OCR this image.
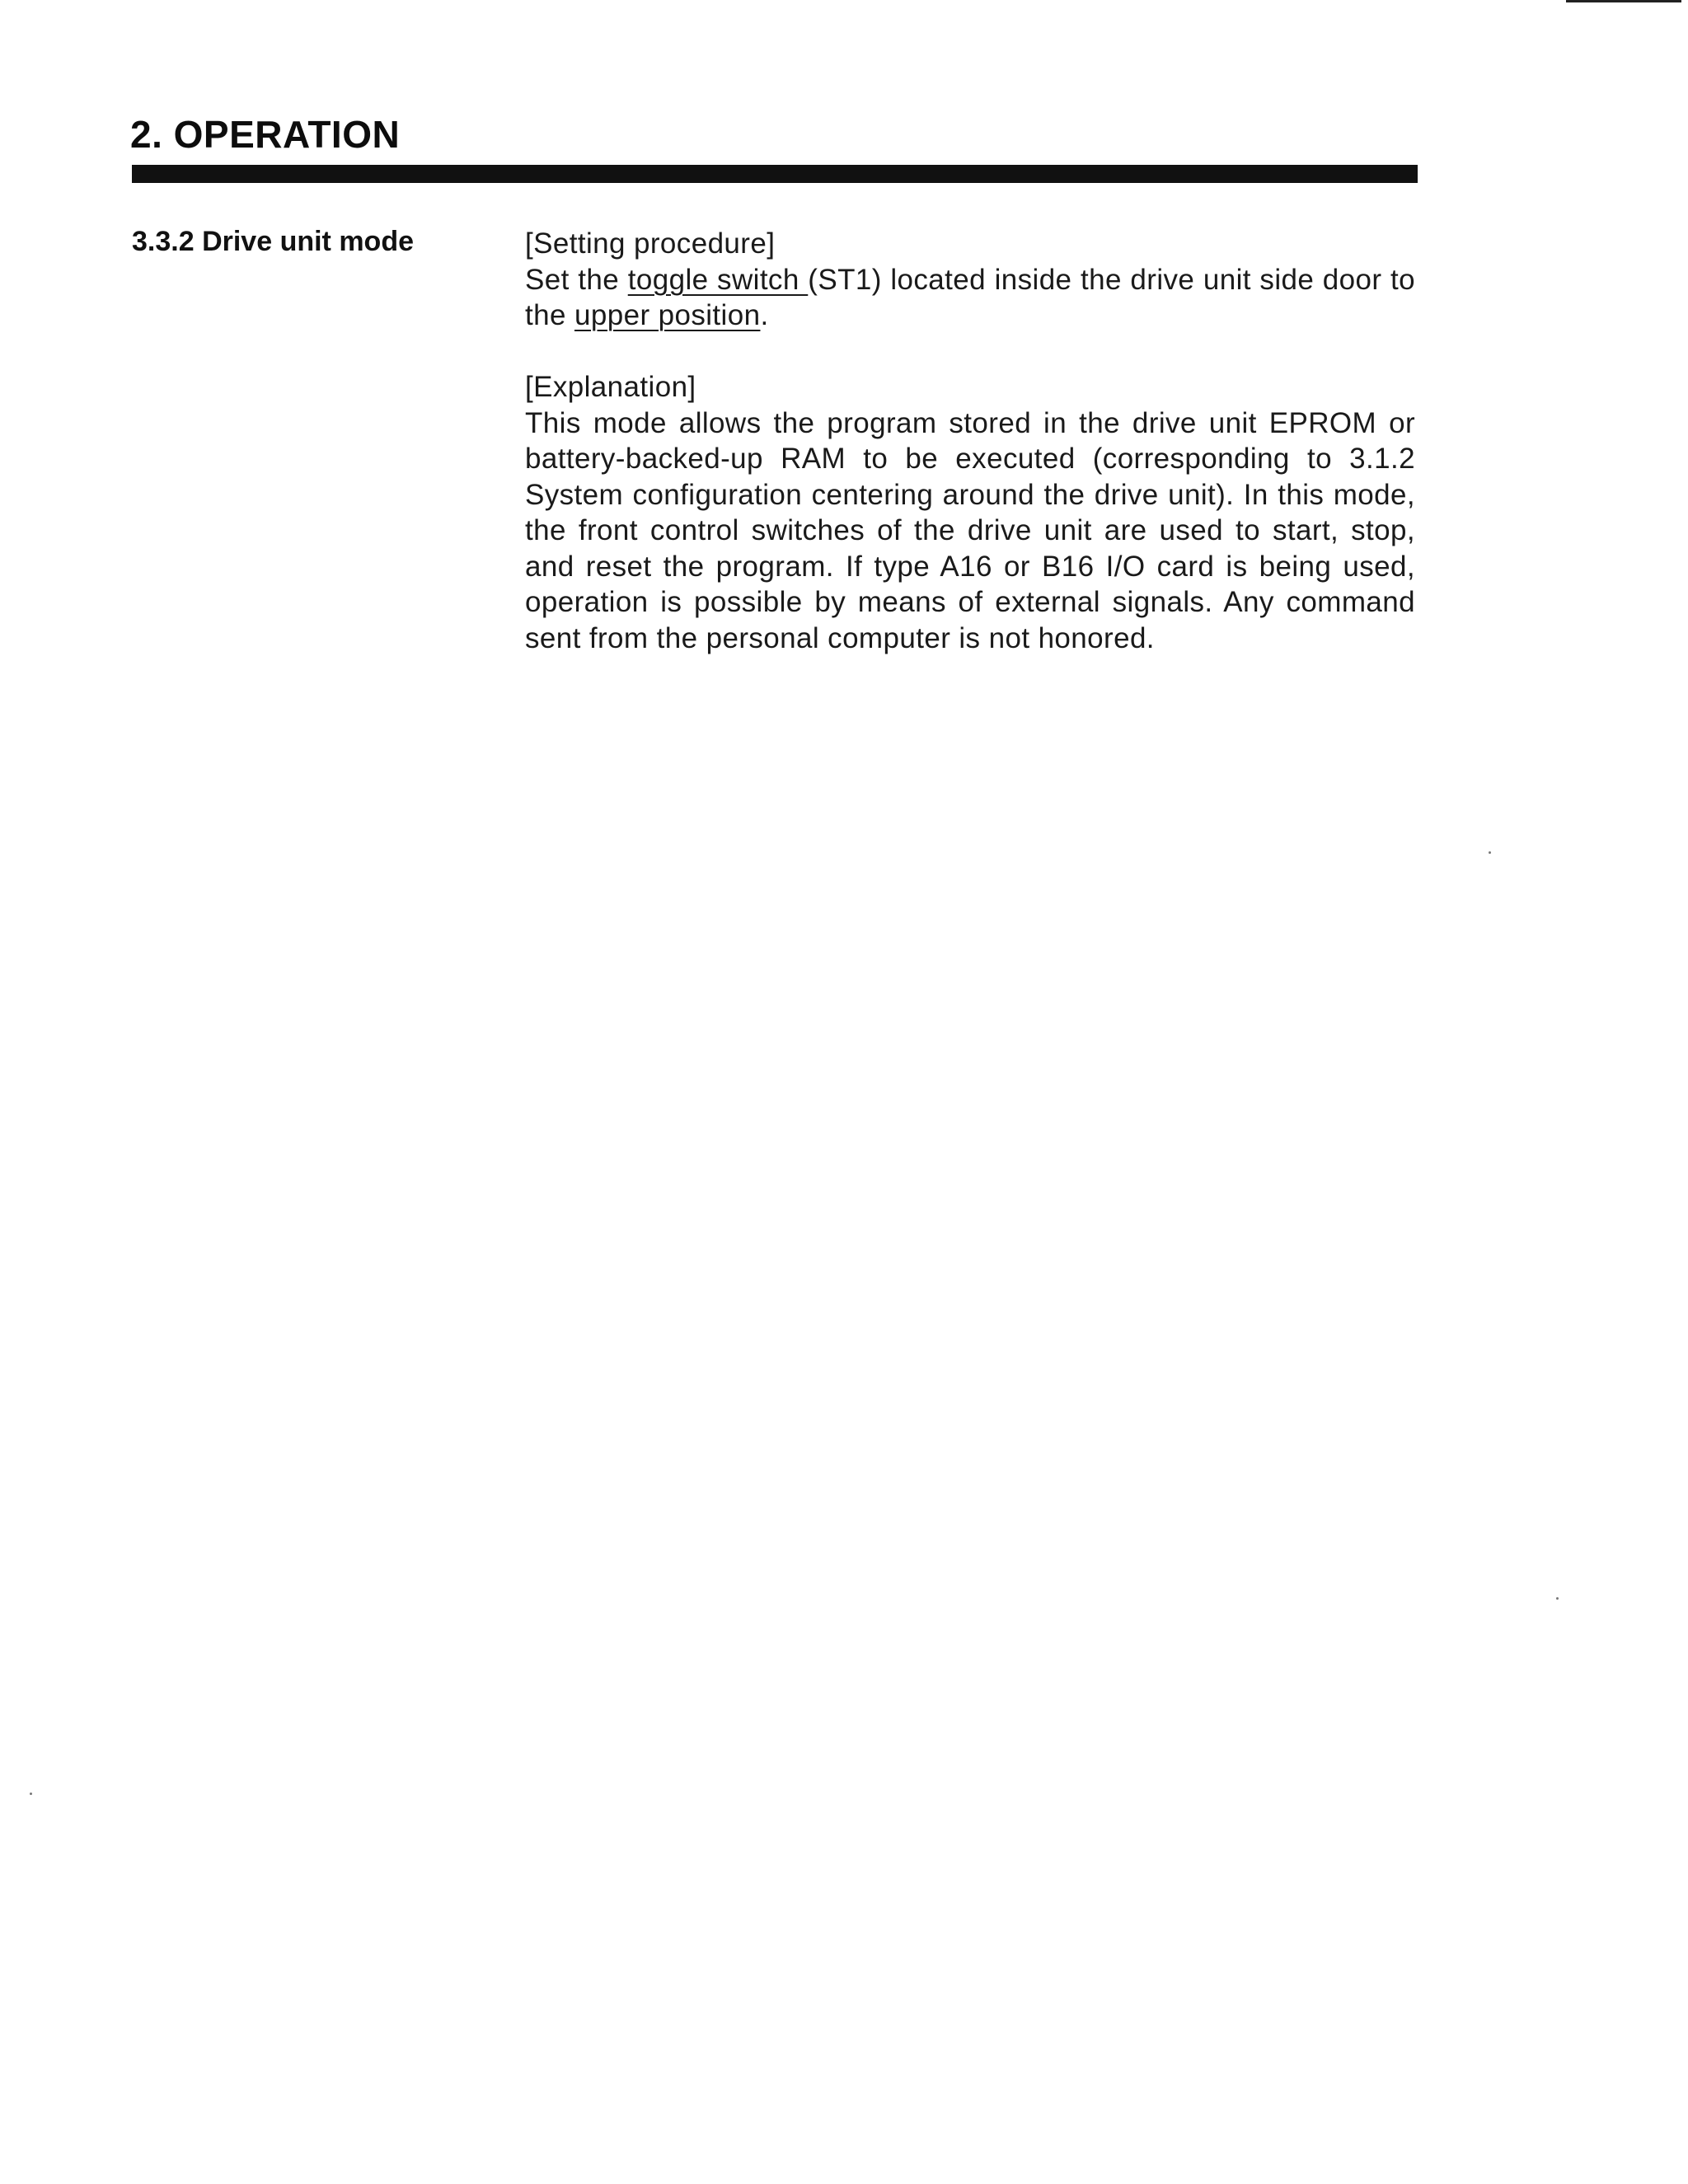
2. OPERATION
3.3.2 Drive unit mode	[Setting procedure]

Set the toggle switch (ST1) located inside the drive unit side door to the upper position.

[Explanation]

This mode allows the program stored in the drive unit EPROM or battery-backed-up RAM to be executed (corresponding to 3.1.2 System configuration centering around the drive unit). In this mode, the front control switches of the drive unit are used to start, stop, and reset the program. If type A16 or B16 I/O card is being used, operation is possible by means of external signals. Any command sent from the personal computer is not honored.
